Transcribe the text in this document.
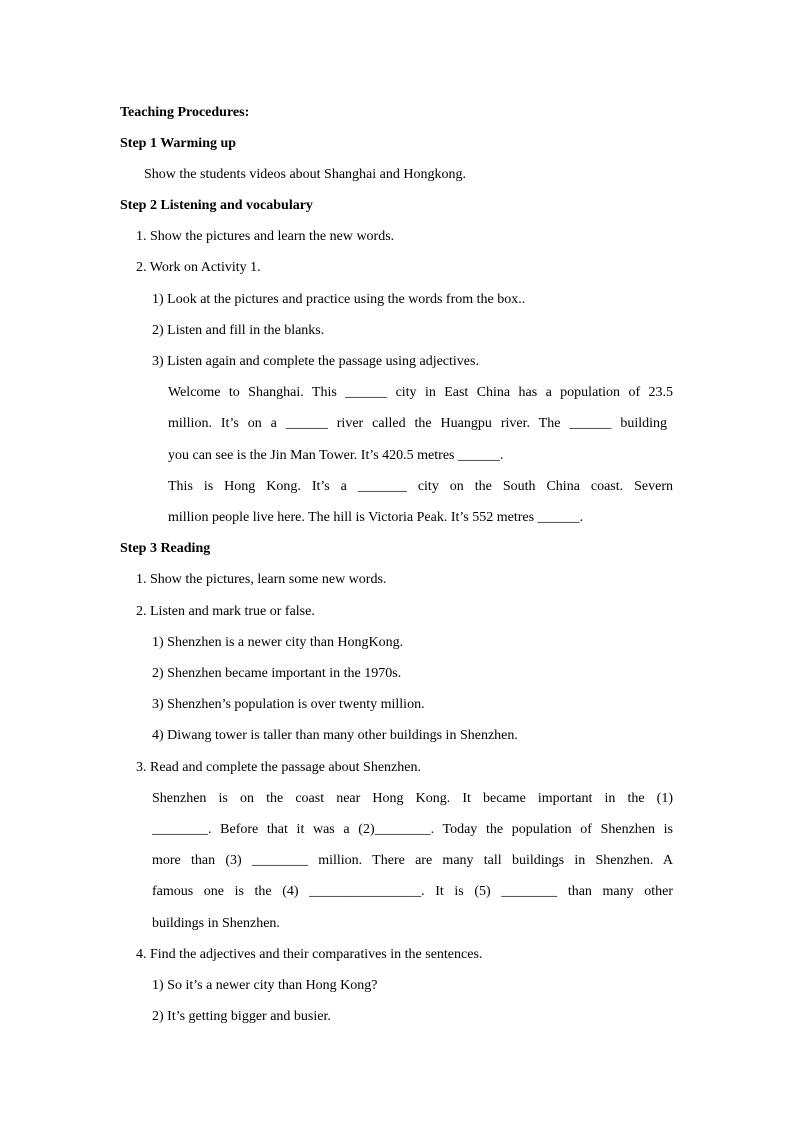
Teaching Procedures:
Step 1 Warming up
Show the students videos about Shanghai and Hongkong.
Step 2 Listening and vocabulary
1. Show the pictures and learn the new words.
2. Work on Activity 1.
1) Look at the pictures and practice using the words from the box..
2) Listen and fill in the blanks.
3) Listen again and complete the passage using adjectives.
Welcome to Shanghai. This ______ city in East China has a population of 23.5
million. It’s on a ______ river called the Huangpu river. The ______ building
you can see is the Jin Man Tower. It’s 420.5 metres ______.
This is Hong Kong. It’s a _______ city on the South China coast. Severn
million people live here. The hill is Victoria Peak. It’s 552 metres ______.
Step 3 Reading
1. Show the pictures, learn some new words.
2. Listen and mark true or false.
1) Shenzhen is a newer city than HongKong.
2) Shenzhen became important in the 1970s.
3) Shenzhen’s population is over twenty million.
4) Diwang tower is taller than many other buildings in Shenzhen.
3. Read and complete the passage about Shenzhen.
Shenzhen is on the coast near Hong Kong. It became important in the (1)
________. Before that it was a (2)________. Today the population of Shenzhen is
more than (3) ________ million. There are many tall buildings in Shenzhen. A
famous one is the (4) ________________. It is (5) ________ than many other
buildings in Shenzhen.
4. Find the adjectives and their comparatives in the sentences.
1) So it’s a newer city than Hong Kong?
2) It’s getting bigger and busier.
